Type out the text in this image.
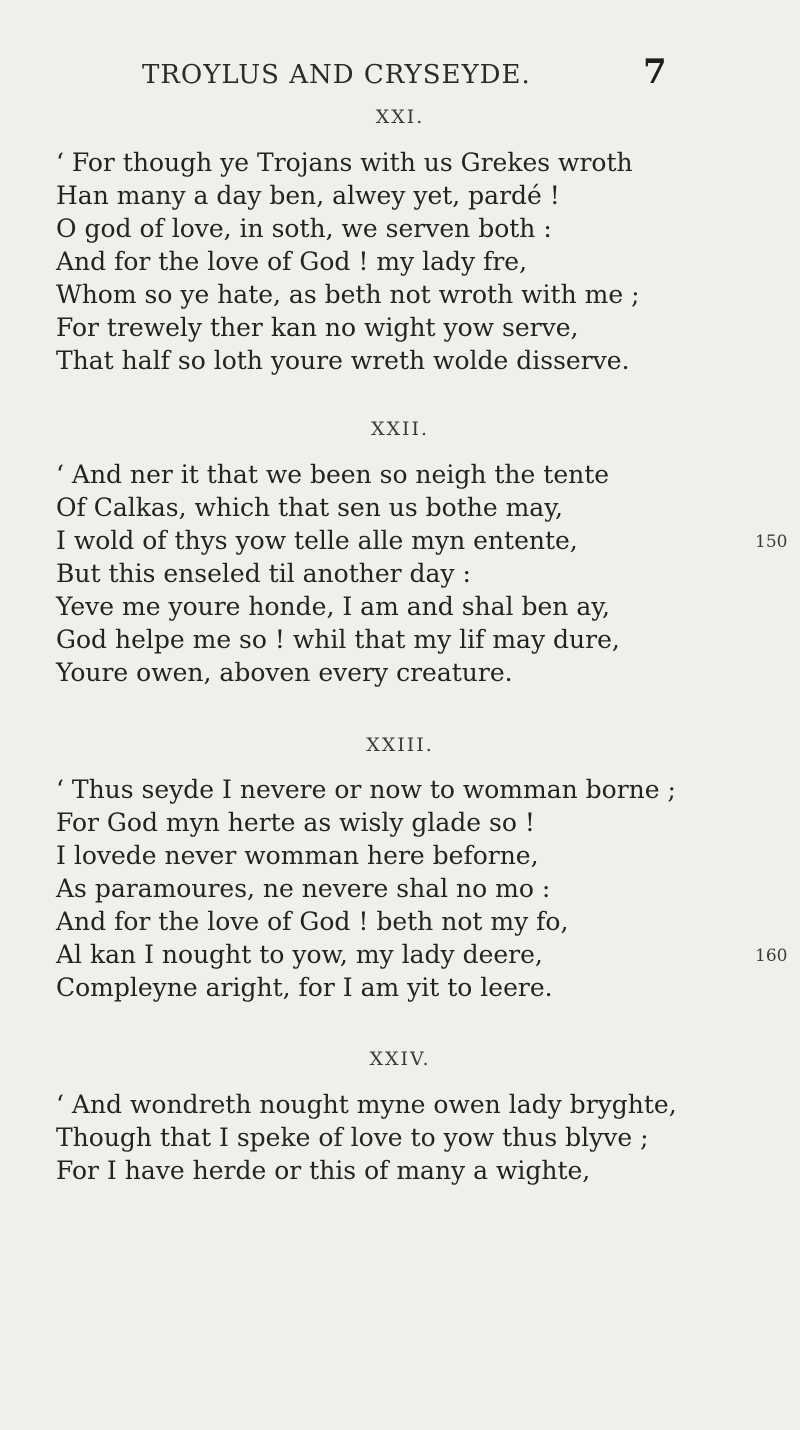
TROYLUS AND CRYSEYDE.	7
XXI.
‘ For though ye Trojans with us Grekes wroth
Han many a day ben, alwey yet, pardé !
O god of love, in soth, we serven both :
And for the love of God ! my lady fre,
Whom so ye hate, as beth not wroth with me ;
For trewely ther kan no wight yow serve,
That half so loth youre wreth wolde disserve.
XXII.
‘ And ner it that we been so neigh the tente
Of Calkas, which that sen us bothe may,
I wold of thys yow telle alle myn entente,	150
But this enseled til another day :
Yeve me youre honde, I am and shal ben ay,
God helpe me so ! whil that my lif may dure,
Youre owen, aboven every creature.
XXIII.
‘ Thus seyde I nevere or now to womman borne ;
For God myn herte as wisly glade so !
I lovede never womman here beforne,
As paramoures, ne nevere shal no mo :
And for the love of God ! beth not my fo,
Al kan I nought to yow, my lady deere,	160
Compleyne aright, for I am yit to leere.
XXIV.
‘ And wondreth nought myne owen lady bryghte,
Though that I speke of love to yow thus blyve ;
For I have herde or this of many a wighte,
